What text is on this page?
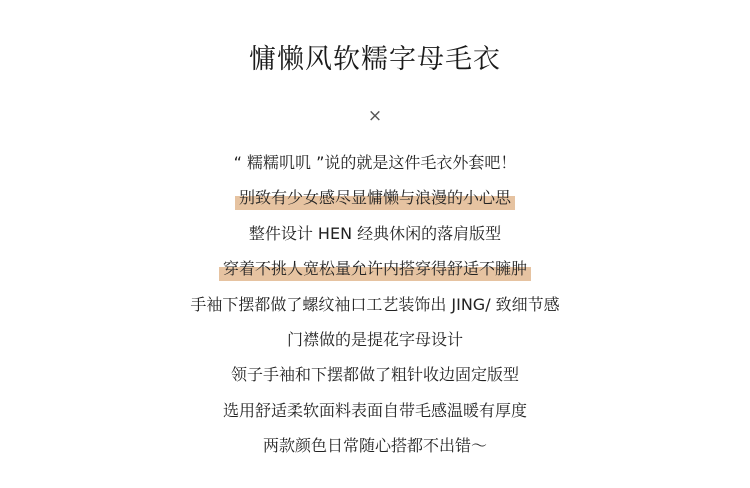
慵懒风软糯字母毛衣
×
“ 糯糯叽叽 ”说的就是这件毛衣外套吧！
别致有少女感尽显慵懒与浪漫的小心思
整件设计 HEN 经典休闲的落肩版型
穿着不挑人宽松量允许内搭穿得舒适不臃肿
手袖下摆都做了螺纹袖口工艺装饰出 JING/ 致细节感
门襟做的是提花字母设计
领子手袖和下摆都做了粗针收边固定版型
选用舒适柔软面料表面自带毛感温暖有厚度
两款颜色日常随心搭都不出错～
